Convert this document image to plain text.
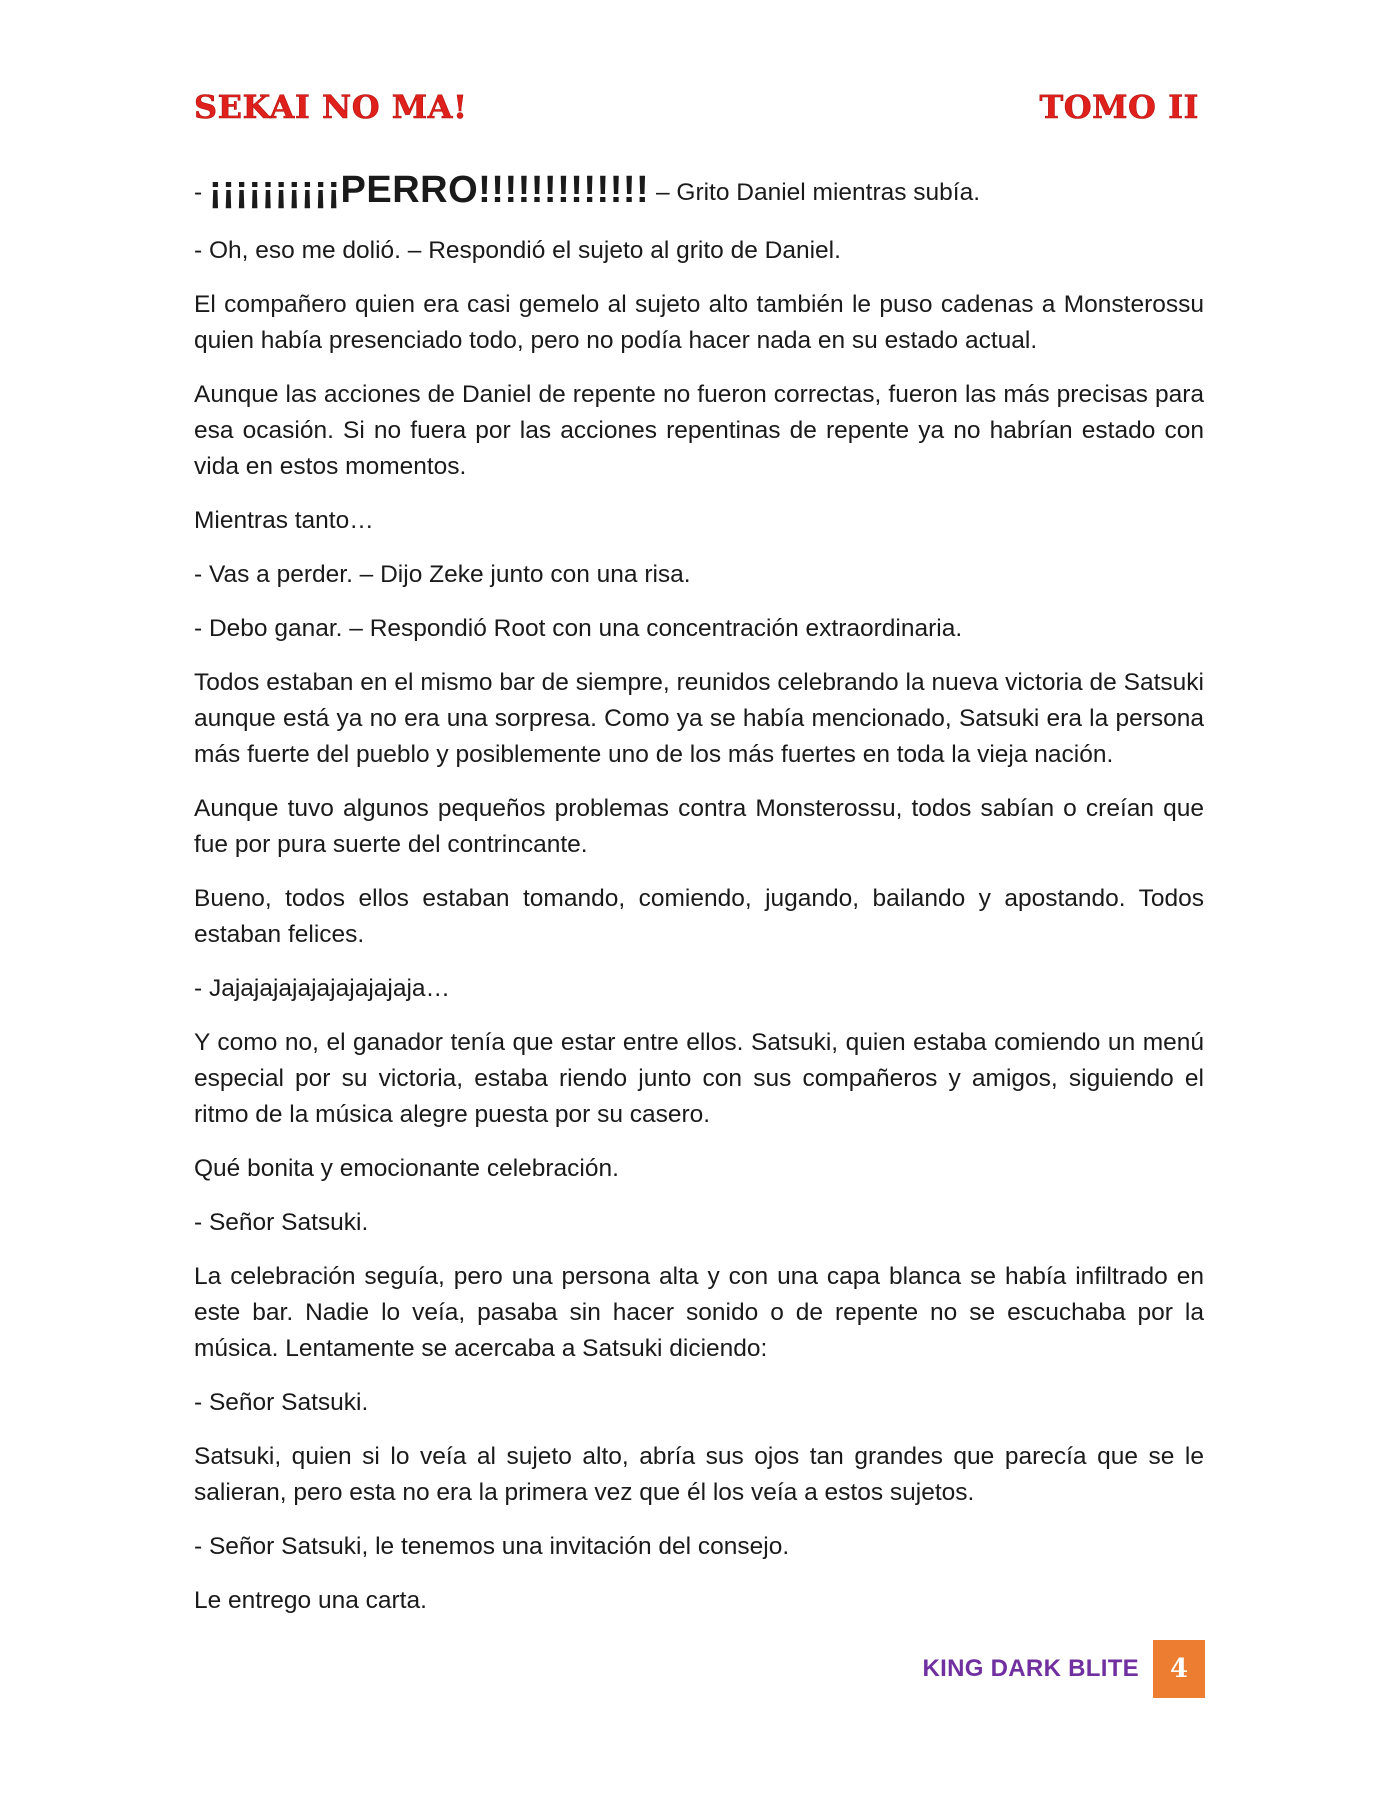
SEKAI NO MA!	TOMO II

- ¡¡¡¡¡¡¡¡¡¡PERRO!!!!!!!!!!!!! – Grito Daniel mientras subía.

- Oh, eso me dolió. – Respondió el sujeto al grito de Daniel.

El compañero quien era casi gemelo al sujeto alto también le puso cadenas a Monsterossu quien había presenciado todo, pero no podía hacer nada en su estado actual.

Aunque las acciones de Daniel de repente no fueron correctas, fueron las más precisas para esa ocasión. Si no fuera por las acciones repentinas de repente ya no habrían estado con vida en estos momentos.

Mientras tanto…

- Vas a perder. – Dijo Zeke junto con una risa.

- Debo ganar. – Respondió Root con una concentración extraordinaria.

Todos estaban en el mismo bar de siempre, reunidos celebrando la nueva victoria de Satsuki aunque está ya no era una sorpresa. Como ya se había mencionado, Satsuki era la persona más fuerte del pueblo y posiblemente uno de los más fuertes en toda la vieja nación.

Aunque tuvo algunos pequeños problemas contra Monsterossu, todos sabían o creían que fue por pura suerte del contrincante.

Bueno, todos ellos estaban tomando, comiendo, jugando, bailando y apostando. Todos estaban felices.

- Jajajajajajajajajajaja…

Y como no, el ganador tenía que estar entre ellos. Satsuki, quien estaba comiendo un menú especial por su victoria, estaba riendo junto con sus compañeros y amigos, siguiendo el ritmo de la música alegre puesta por su casero.

Qué bonita y emocionante celebración.

- Señor Satsuki.

La celebración seguía, pero una persona alta y con una capa blanca se había infiltrado en este bar. Nadie lo veía, pasaba sin hacer sonido o de repente no se escuchaba por la música. Lentamente se acercaba a Satsuki diciendo:

- Señor Satsuki.

Satsuki, quien si lo veía al sujeto alto, abría sus ojos tan grandes que parecía que se le salieran, pero esta no era la primera vez que él los veía a estos sujetos.

- Señor Satsuki, le tenemos una invitación del consejo.

Le entrego una carta.

KING DARK BLITE	4
